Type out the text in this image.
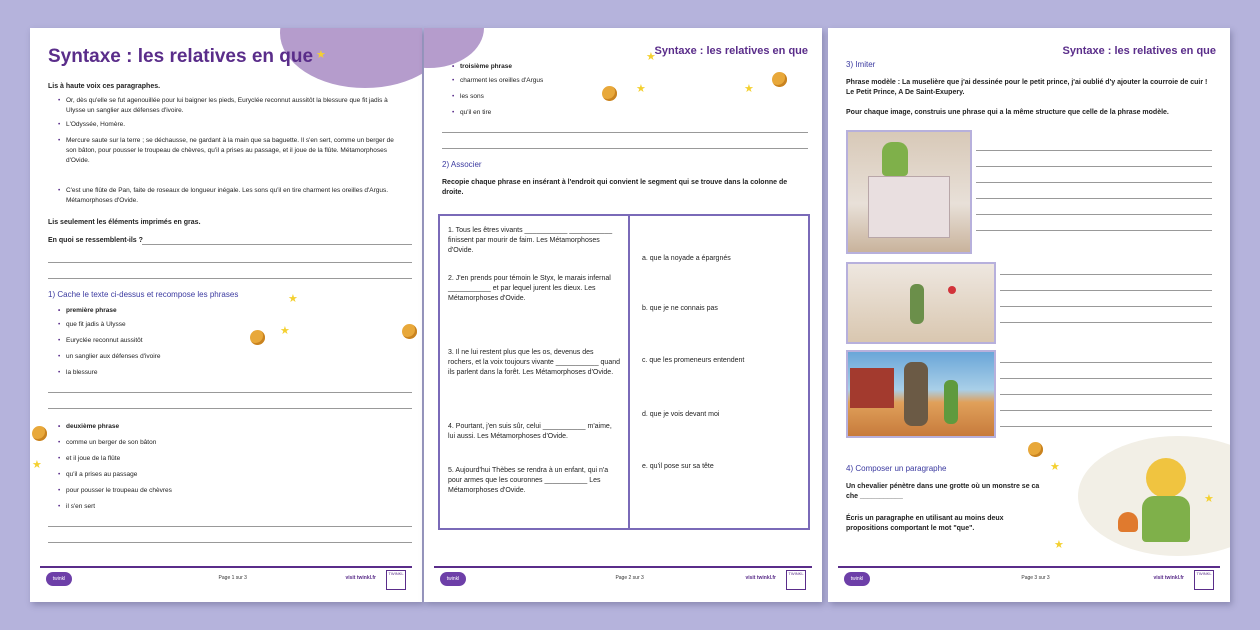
Syntaxe : les relatives en que ★
Lis à haute voix ces paragraphes.
• Or, dès qu'elle se fut agenouillée pour lui baigner les pieds, Euryclée reconnut aussitôt la blessure que fit jadis à Ulysse un sanglier aux défenses d'ivoire.
• L'Odyssée, Homère.
• Mercure saute sur la terre ; se déchausse, ne gardant à la main que sa baguette. Il s'en sert, comme un berger de son bâton, pour pousser le troupeau de chèvres, qu'il a prises au passage, et il joue de la flûte. Métamorphoses d'Ovide.
• C'est une flûte de Pan, faite de roseaux de longueur inégale. Les sons qu'il en tire charment les oreilles d'Argus. Métamorphoses d'Ovide.
Lis seulement les éléments imprimés en gras.
En quoi se ressemblent-ils ?
1) Cache le texte ci-dessus et recompose les phrases
• première phrase
• que fit jadis à Ulysse
• Euryclée reconnut aussitôt
• un sanglier aux défenses d'ivoire
• la blessure
★
★
• deuxième phrase
• comme un berger de son bâton
• et il joue de la flûte
• qu'il a prises au passage
• pour pousser le troupeau de chèvres
• il s'en sert
★
twinkl	Page 1 sur 3	visit twinkl.fr
TWINKL
Syntaxe : les relatives en que
• troisième phrase
• charment les oreilles d'Argus
• les sons
• qu'il en tire
★
★
★
2) Associer
Recopie chaque phrase en insérant à l'endroit qui convient le segment qui se trouve dans la colonne de droite.
1. Tous les êtres vivants ___________ ___________ finissent par mourir de faim. Les Métamorphoses d'Ovide.
2. J'en prends pour témoin le Styx, le marais infernal ___________ et par lequel jurent les dieux. Les Métamorphoses d'Ovide.
3. Il ne lui restent plus que les os, devenus des rochers, et la voix toujours vivante ___________ quand ils parlent dans la forêt. Les Métamorphoses d'Ovide.
4. Pourtant, j'en suis sûr, celui ___________ m'aime, lui aussi. Les Métamorphoses d'Ovide.
5. Aujourd'hui Thèbes se rendra à un enfant, qui n'a pour armes que les couronnes ___________ Les Métamorphoses d'Ovide.
a. que la noyade a épargnés
b. que je ne connais pas
c. que les promeneurs entendent
d. que je vois devant moi
e. qu'il pose sur sa tête
twinkl	Page 2 sur 3	visit twinkl.fr
TWINKL
Syntaxe : les relatives en que
3) Imiter
Phrase modèle : La muselière que j'ai dessinée pour le petit prince, j'ai oublié d'y ajouter la courroie de cuir ! Le Petit Prince, A De Saint-Exupery.
Pour chaque image, construis une phrase qui a la même structure que celle de la phrase modèle.
★
★
★
4) Composer un paragraphe
Un chevalier pénètre dans une grotte où un monstre se ca che ___________
Écris un paragraphe en utilisant au moins deux propositions comportant le mot "que".
twinkl	Page 3 sur 3	visit twinkl.fr
TWINKL
